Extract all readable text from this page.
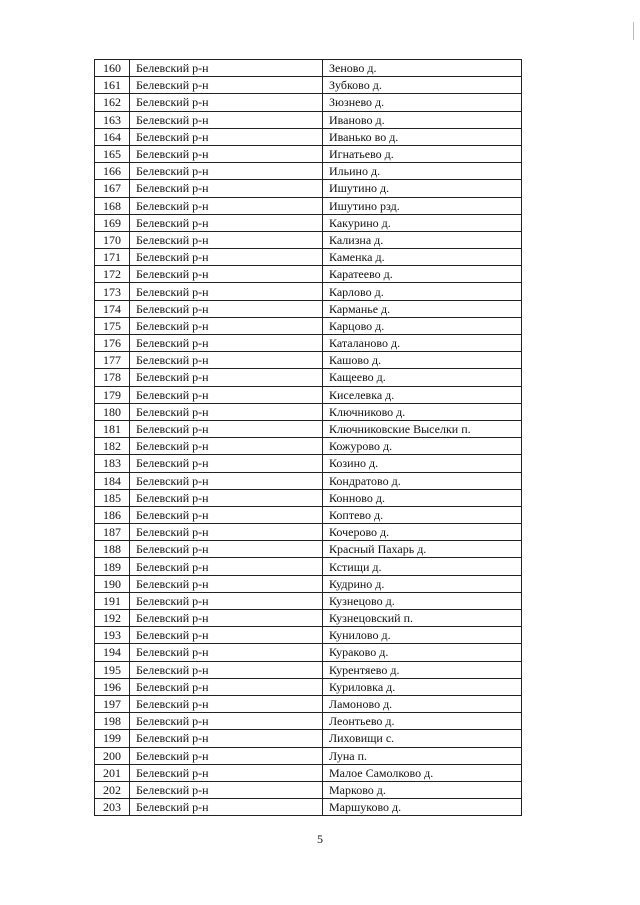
160	Белевский р-н	Зеново д.
161	Белевский р-н	Зубково д.
162	Белевский р-н	Зюзнево д.
163	Белевский р-н	Иваново д.
164	Белевский р-н	Иванько во д.
165	Белевский р-н	Игнатьево д.
166	Белевский р-н	Ильино д.
167	Белевский р-н	Ишутино д.
168	Белевский р-н	Ишутино рзд.
169	Белевский р-н	Какурино д.
170	Белевский р-н	Кализна д.
171	Белевский р-н	Каменка д.
172	Белевский р-н	Каратеево д.
173	Белевский р-н	Карлово д.
174	Белевский р-н	Карманье д.
175	Белевский р-н	Карцово д.
176	Белевский р-н	Каталаново д.
177	Белевский р-н	Кашово д.
178	Белевский р-н	Кащеево д.
179	Белевский р-н	Киселевка д.
180	Белевский р-н	Ключниково д.
181	Белевский р-н	Ключниковские Выселки п.
182	Белевский р-н	Кожурово д.
183	Белевский р-н	Козино д.
184	Белевский р-н	Кондратово д.
185	Белевский р-н	Конново д.
186	Белевский р-н	Коптево д.
187	Белевский р-н	Кочерово д.
188	Белевский р-н	Красный Пахарь д.
189	Белевский р-н	Кстищи д.
190	Белевский р-н	Кудрино д.
191	Белевский р-н	Кузнецово д.
192	Белевский р-н	Кузнецовский п.
193	Белевский р-н	Кунилово д.
194	Белевский р-н	Кураково д.
195	Белевский р-н	Курентяево д.
196	Белевский р-н	Куриловка д.
197	Белевский р-н	Ламоново д.
198	Белевский р-н	Леонтьево д.
199	Белевский р-н	Лиховищи с.
200	Белевский р-н	Луна п.
201	Белевский р-н	Малое Самолково д.
202	Белевский р-н	Марково д.
203	Белевский р-н	Маршуково д.
5
